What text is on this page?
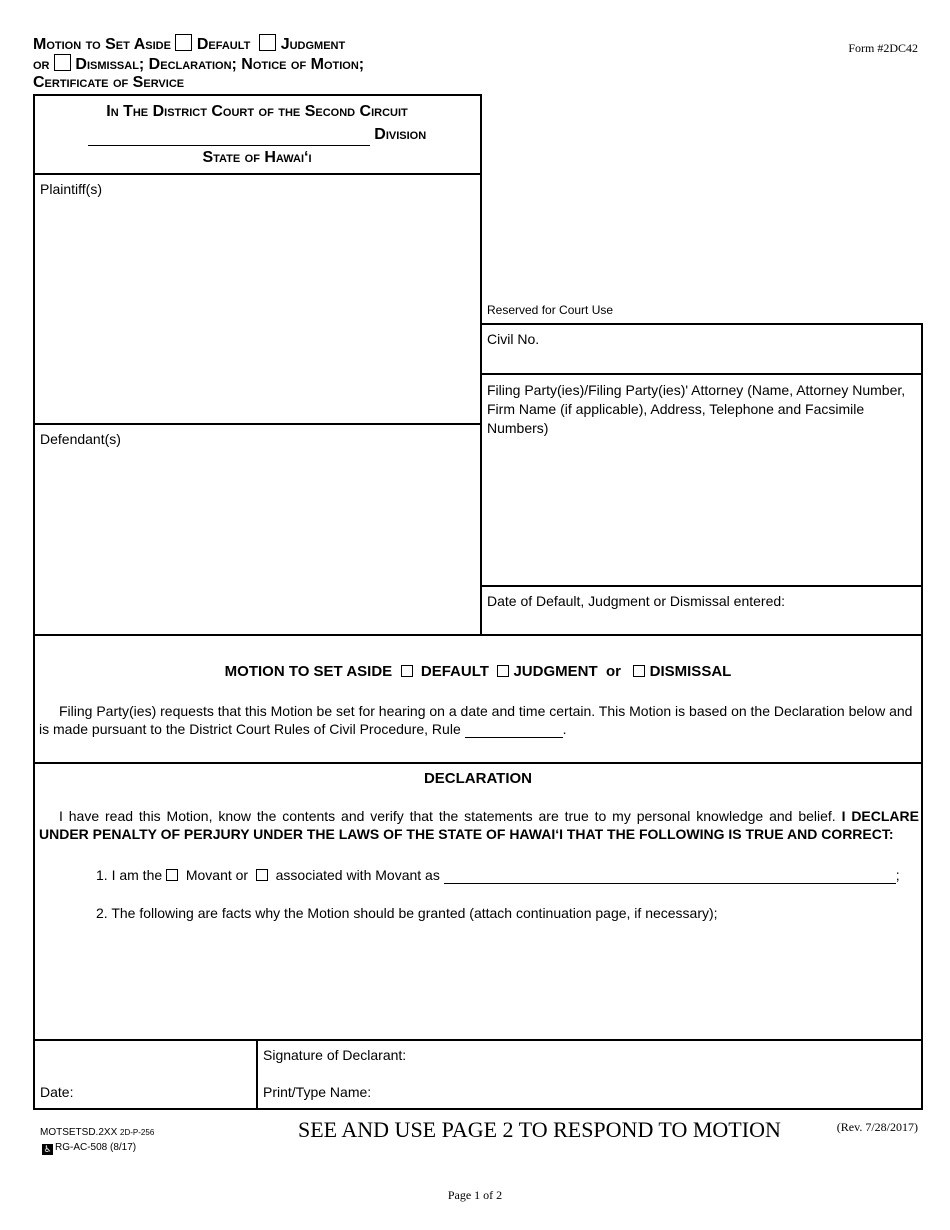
Motion to Set Aside Default Judgment
or Dismissal; Declaration; Notice of Motion;
Certificate of Service
Form #2DC42
In The District Court of the Second Circuit
Division
State of Hawai‘i
Plaintiff(s)
Defendant(s)
Reserved for Court Use
Civil No.
Filing Party(ies)/Filing Party(ies)' Attorney (Name, Attorney Number, Firm Name (if applicable), Address, Telephone and Facsimile Numbers)
Date of Default, Judgment or Dismissal entered:
MOTION TO SET ASIDE DEFAULT JUDGMENT or DISMISSAL
Filing Party(ies) requests that this Motion be set for hearing on a date and time certain. This Motion is based on the Declaration below and is made pursuant to the District Court Rules of Civil Procedure, Rule	.
DECLARATION
I have read this Motion, know the contents and verify that the statements are true to my personal knowledge and belief. I DECLARE UNDER PENALTY OF PERJURY UNDER THE LAWS OF THE STATE OF HAWAI‘I THAT THE FOLLOWING IS TRUE AND CORRECT:
1. I am the Movant or associated with Movant as	;
2. The following are facts why the Motion should be granted (attach continuation page, if necessary);
Date:
Signature of Declarant:
Print/Type Name:
MOTSETSD.2XX 2D-P-256
♿ RG-AC-508 (8/17)
SEE AND USE PAGE 2 TO RESPOND TO MOTION	(Rev. 7/28/2017)
Page 1 of 2
